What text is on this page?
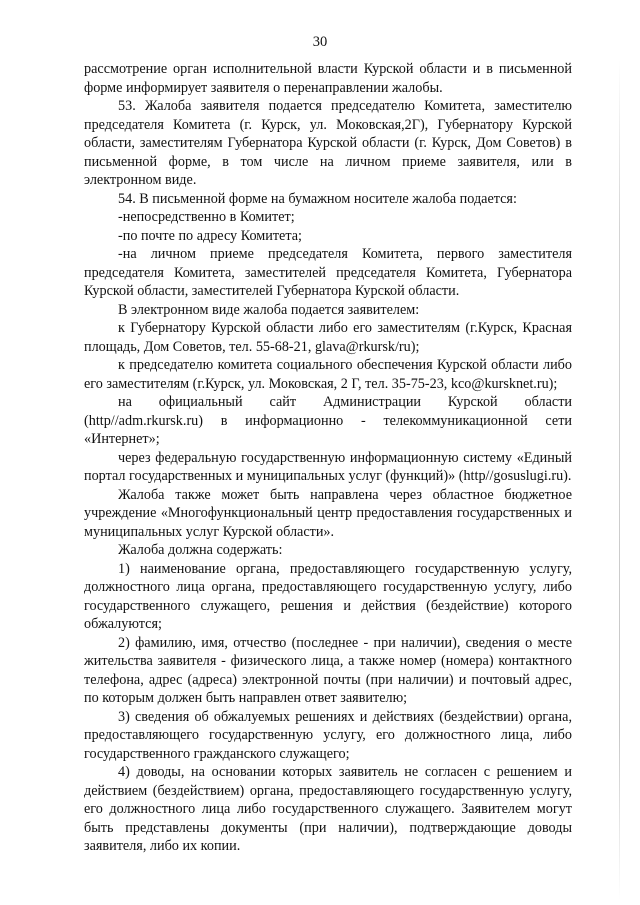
30

рассмотрение орган исполнительной власти Курской области и в письменной форме информирует заявителя о перенаправлении жалобы.

53. Жалоба заявителя подается председателю Комитета, заместителю председателя Комитета (г. Курск, ул. Моковская,2Г), Губернатору Курской области, заместителям Губернатора Курской области (г. Курск, Дом Советов) в письменной форме, в том числе на личном приеме заявителя, или в электронном виде.

54. В письменной форме на бумажном носителе жалоба подается:

-непосредственно в Комитет;

-по почте по адресу Комитета;

-на личном приеме председателя Комитета, первого заместителя председателя Комитета, заместителей председателя Комитета, Губернатора Курской области, заместителей Губернатора Курской области.

В электронном виде жалоба подается заявителем:

к Губернатору Курской области либо его заместителям (г.Курск, Красная площадь, Дом Советов, тел. 55-68-21, glava@rkursk/ru);

к председателю комитета социального обеспечения Курской области либо его заместителям (г.Курск, ул. Моковская, 2 Г, тел. 35-75-23, kco@kursknet.ru);

на официальный сайт Администрации Курской области (http//adm.rkursk.ru) в информационно - телекоммуникационной сети «Интернет»;

через федеральную государственную информационную систему «Единый портал государственных и муниципальных услуг (функций)» (http//gosuslugi.ru).

Жалоба также может быть направлена через областное бюджетное учреждение «Многофункциональный центр предоставления государственных и муниципальных услуг Курской области».

Жалоба должна содержать:

1) наименование органа, предоставляющего государственную услугу, должностного лица органа, предоставляющего государственную услугу, либо государственного служащего, решения и действия (бездействие) которого обжалуются;

2) фамилию, имя, отчество (последнее - при наличии), сведения о месте жительства заявителя - физического лица, а также номер (номера) контактного телефона, адрес (адреса) электронной почты (при наличии) и почтовый адрес, по которым должен быть направлен ответ заявителю;

3) сведения об обжалуемых решениях и действиях (бездействии) органа, предоставляющего государственную услугу, его должностного лица, либо государственного гражданского служащего;

4) доводы, на основании которых заявитель не согласен с решением и действием (бездействием) органа, предоставляющего государственную услугу, его должностного лица либо государственного служащего. Заявителем могут быть представлены документы (при наличии), подтверждающие доводы заявителя, либо их копии.
